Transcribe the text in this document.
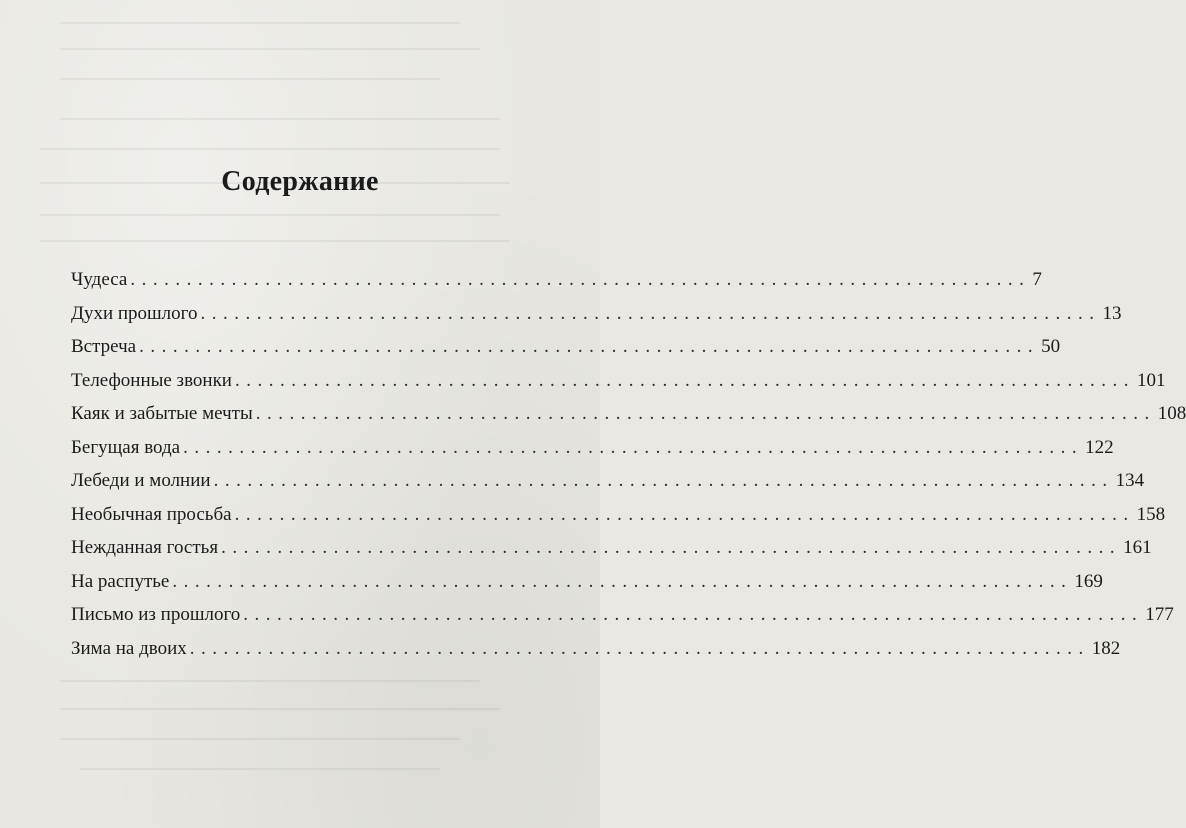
Содержание
Чудеса ................................................................................ 7
Духи прошлого ................................................................................ 13
Встреча ................................................................................ 50
Телефонные звонки ................................................................................ 101
Каяк и забытые мечты ................................................................................ 108
Бегущая вода ................................................................................ 122
Лебеди и молнии ................................................................................ 134
Необычная просьба ................................................................................ 158
Нежданная гостья ................................................................................ 161
На распутье ................................................................................ 169
Письмо из прошлого ................................................................................ 177
Зима на двоих ................................................................................ 182
